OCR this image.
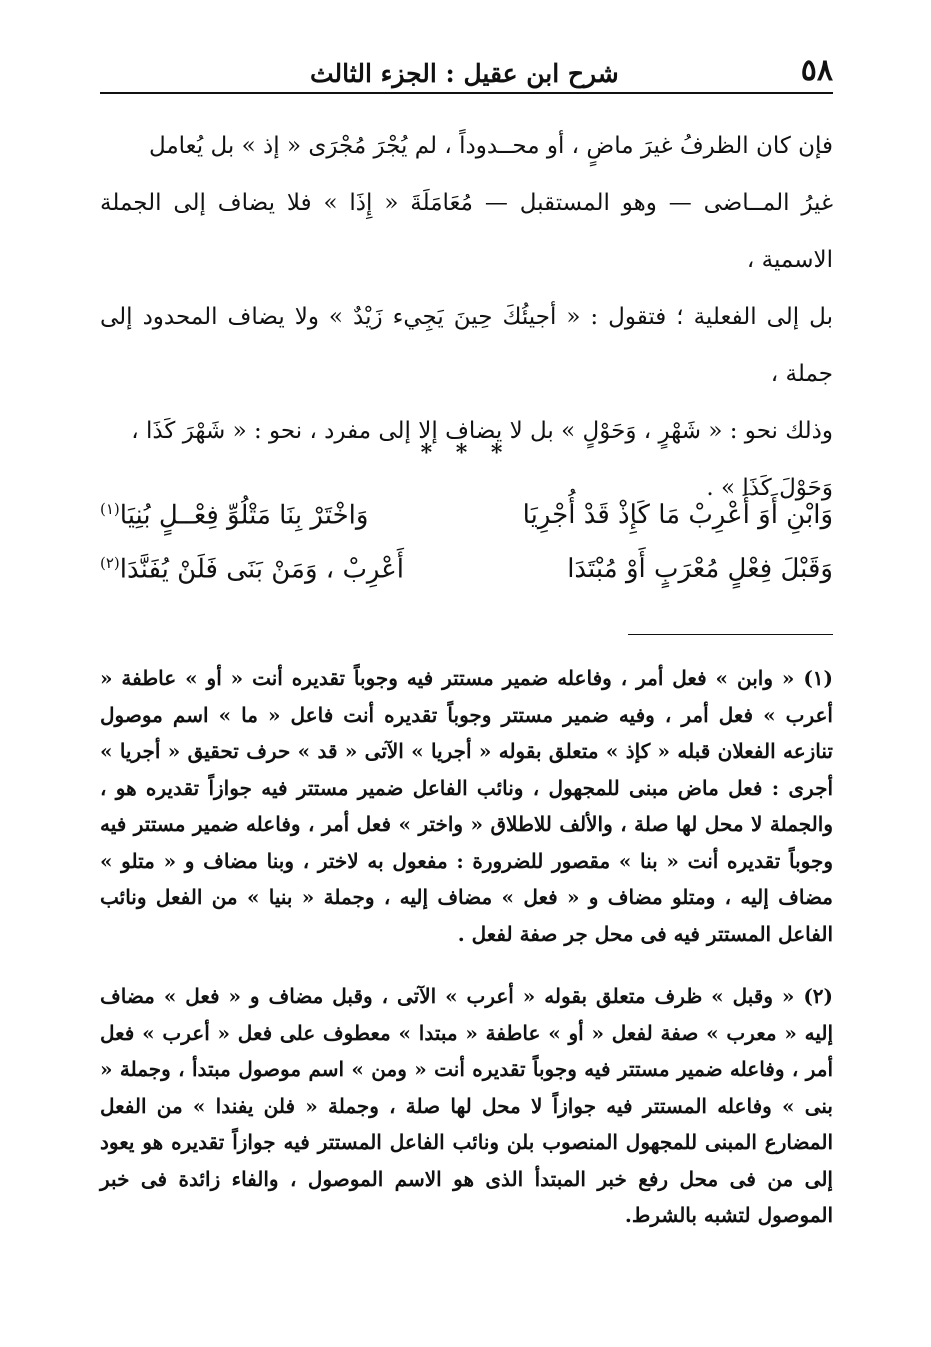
٥٨
شرح ابن عقيل : الجزء الثالث

فإن كان الظرفُ غيرَ ماضٍ ، أو محــدوداً ، لم يُجْرَ مُجْرَى « إذ » بل يُعامل

غيرُ المــاضى — وهو المستقبل — مُعَامَلَةَ « إِذَا » فلا يضاف إلى الجملة الاسمية ،

بل إلى الفعلية ؛ فتقول : « أجيئُكَ حِينَ يَجِيء زَيْدٌ » ولا يضاف المحدود إلى جملة ،

وذلك نحو : « شَهْرٍ ، وَحَوْلٍ » بل لا يضاف إلا إلى مفرد ، نحو : « شَهْرَ كَذَا ،

وَحَوْلَ كَذَا » .

* * *
وَابْنِ أَوَ أَعْرِبْ مَا كَإِذْ قَدْ أُجْرِيَا
وَاخْتَرْ بِنَا مَتْلُوِّ فِعْــلٍ بُنِيَا$^{(١)}$
وَقَبْلَ فِعْلٍ مُعْرَبٍ أَوْ مُبْتَدَا
أَعْرِبْ ، وَمَنْ بَنَى فَلَنْ يُفَنَّدَا$^{(٢)}$

(١) « وابن » فعل أمر ، وفاعله ضمير مستتر فيه وجوباً تقديره أنت « أو » عاطفة « أعرب » فعل أمر ، وفيه ضمير مستتر وجوباً تقديره أنت فاعل « ما » اسم موصول تنازعه الفعلان قبله « كإذ » متعلق بقوله « أجريا » الآتى « قد » حرف تحقيق « أجريا » أجرى : فعل ماض مبنى للمجهول ، ونائب الفاعل ضمير مستتر فيه جوازاً تقديره هو ، والجملة لا محل لها صلة ، والألف للاطلاق « واختر » فعل أمر ، وفاعله ضمير مستتر فيه وجوباً تقديره أنت « بنا » مقصور للضرورة : مفعول به لاختر ، وبنا مضاف و « متلو » مضاف إليه ، ومتلو مضاف و « فعل » مضاف إليه ، وجملة « بنيا » من الفعل ونائب الفاعل المستتر فيه فى محل جر صفة لفعل .

(٢) « وقبل » ظرف متعلق بقوله « أعرب » الآتى ، وقبل مضاف و « فعل » مضاف إليه « معرب » صفة لفعل « أو » عاطفة « مبتدا » معطوف على فعل « أعرب » فعل أمر ، وفاعله ضمير مستتر فيه وجوباً تقديره أنت « ومن » اسم موصول مبتدأ ، وجملة « بنى » وفاعله المستتر فيه جوازاً لا محل لها صلة ، وجملة « فلن يفندا » من الفعل المضارع المبنى للمجهول المنصوب بلن ونائب الفاعل المستتر فيه جوازاً تقديره هو يعود إلى من فى محل رفع خبر المبتدأ الذى هو الاسم الموصول ، والفاء زائدة فى خبر الموصول لتشبه بالشرط.
